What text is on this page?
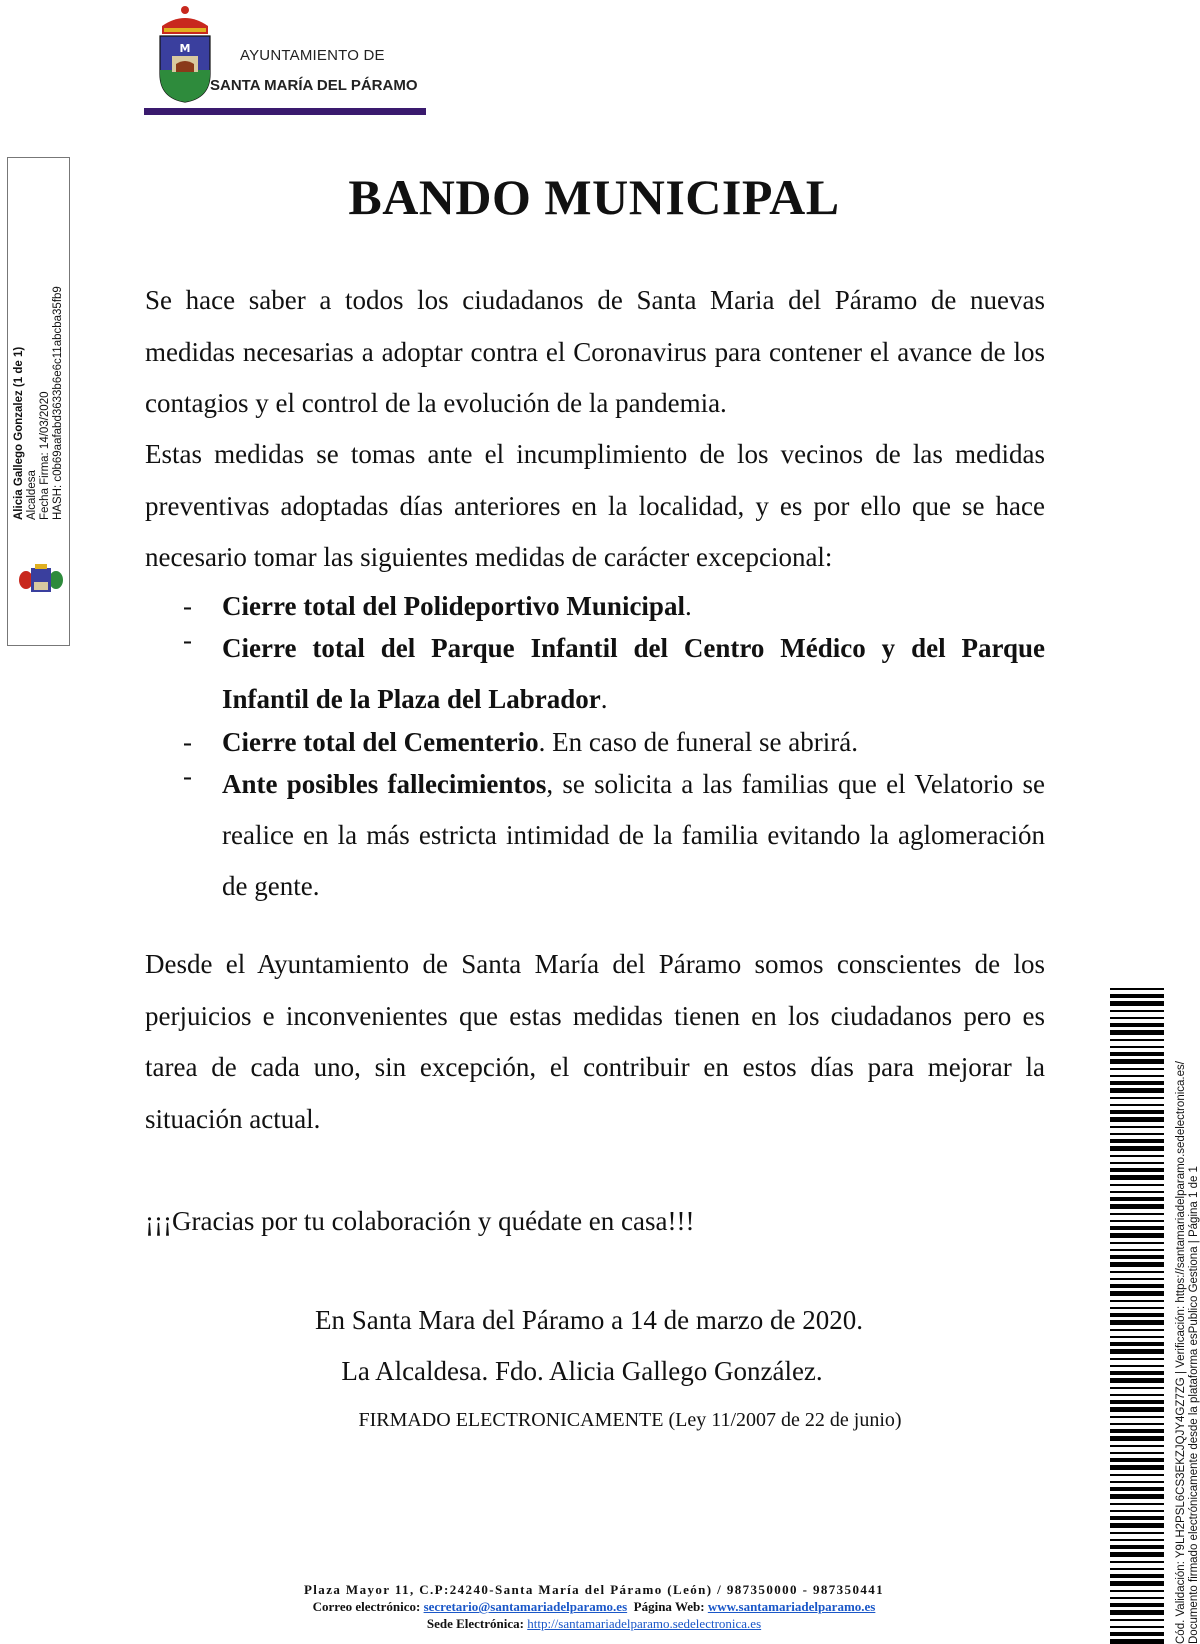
M	AYUNTAMIENTO DE
SANTA MARÍA DEL PÁRAMO
Alicia Gallego Gonzalez (1 de 1) Alcaldesa Fecha Firma: 14/03/2020 HASH: c0b69aafabd3633b6e6c11abcba35fb9
BANDO MUNICIPAL
Se hace saber a todos los ciudadanos de Santa Maria del Páramo de nuevas medidas necesarias a adoptar contra el Coronavirus para contener el avance de los contagios y el control de la evolución de la pandemia.
Estas medidas se tomas ante el incumplimiento de los vecinos de las medidas preventivas adoptadas días anteriores en la localidad, y es por ello que se hace necesario tomar las siguientes medidas de carácter excepcional:
- Cierre total del Polideportivo Municipal.
- Cierre total del Parque Infantil del Centro Médico y del Parque Infantil de la Plaza del Labrador.
- Cierre total del Cementerio. En caso de funeral se abrirá.
- Ante posibles fallecimientos, se solicita a las familias que el Velatorio se realice en la más estricta intimidad de la familia evitando la aglomeración de gente.
Desde el Ayuntamiento de Santa María del Páramo somos conscientes de los perjuicios e inconvenientes que estas medidas tienen en los ciudadanos pero es tarea de cada uno, sin excepción, el contribuir en estos días para mejorar la situación actual.
¡¡¡Gracias por tu colaboración y quédate en casa!!!
En Santa Mara del Páramo a 14 de marzo de 2020.
La Alcaldesa. Fdo. Alicia Gallego González.
FIRMADO ELECTRONICAMENTE (Ley 11/2007 de 22 de junio)
Plaza Mayor 11, C.P:24240-Santa María del Páramo (León) / 987350000 - 987350441
Correo electrónico: secretario@santamariadelparamo.es Página Web: www.santamariadelparamo.es
Sede Electrónica: http://santamariadelparamo.sedelectronica.es	Cód. Validación: Y9LH2PSL6CS3EKZJQJY4GZ7ZG | Verificación: https://santamariadelparamo.sedelectronica.es/ Documento firmado electrónicamente desde la plataforma esPublico Gestiona | Página 1 de 1
